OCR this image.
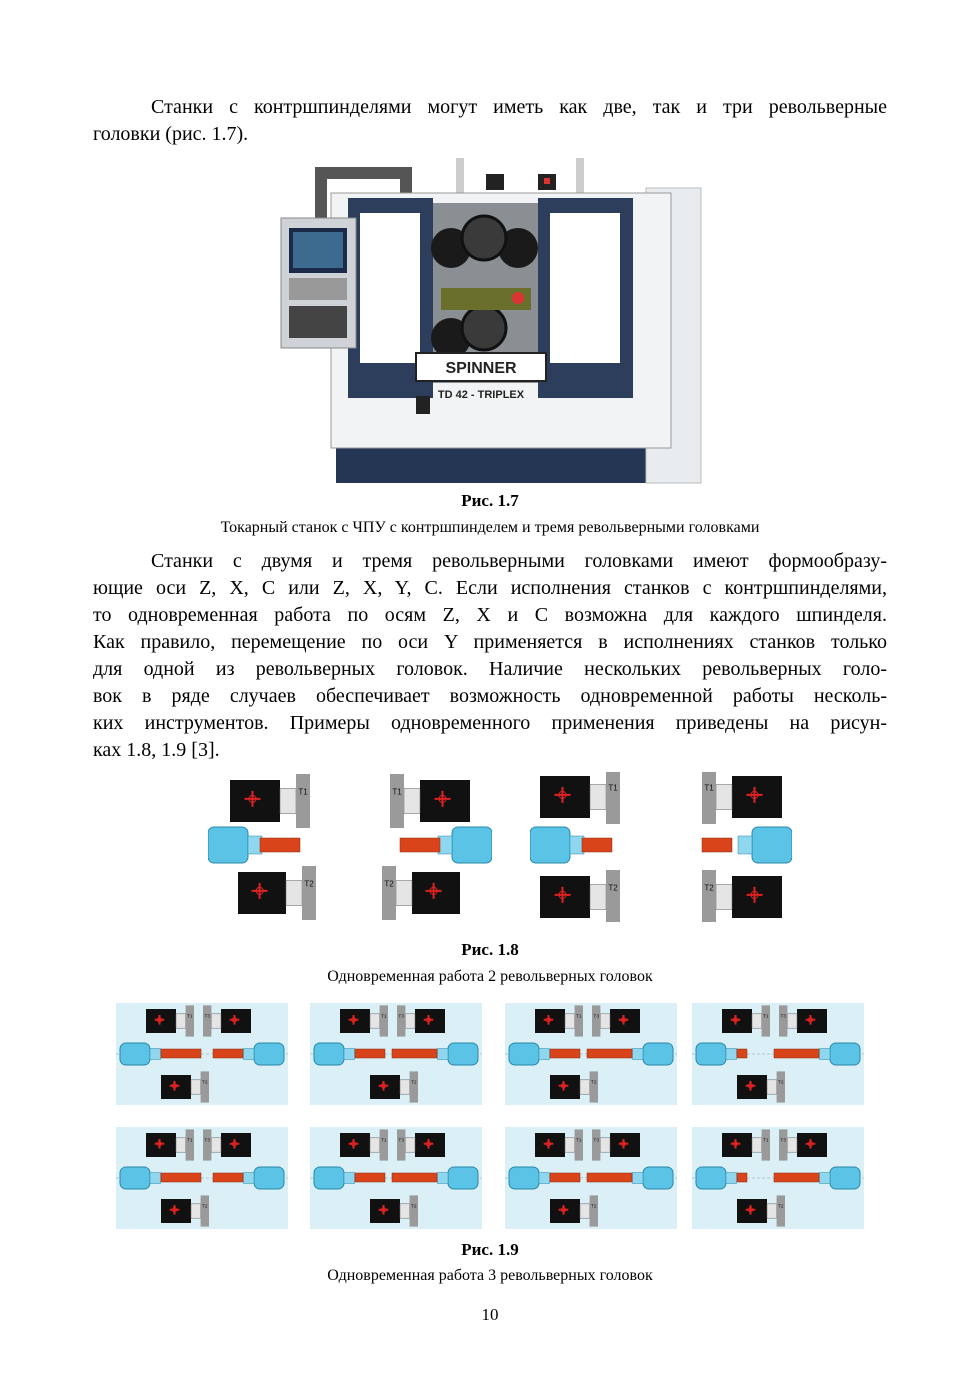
Станки с контршпинделями могут иметь как две, так и три револьверные
головки (рис. 1.7).
SPINNER
TD 42 - TRIPLEX
Рис. 1.7
Токарный станок с ЧПУ с контршпинделем и тремя револьверными головками
Станки с двумя и тремя револьверными головками имеют формообразу-
ющие оси Z, X, C или Z, X, Y, C. Если исполнения станков с контршпинделями,
то одновременная работа по осям Z, X и C возможна для каждого шпинделя.
Как правило, перемещение по оси Y применяется в исполнениях станков только
для одной из револьверных головок. Наличие нескольких револьверных голо-
вок в ряде случаев обеспечивает возможность одновременной работы несколь-
ких инструментов. Примеры одновременного применения приведены на рисун-
ках 1.8, 1.9 [3].
T1
T2
T1
T2
T1
T2
T1
T2
Рис. 1.8
Одновременная работа 2 револьверных головок
T1 T3
T2
T1 T3
T2
T1 T3
T2
T1 T3
T2
T1 T3
T2
T1 T3
T2
T1 T3
T2
T1 T3
T2
Рис. 1.9
Одновременная работа 3 револьверных головок
10
